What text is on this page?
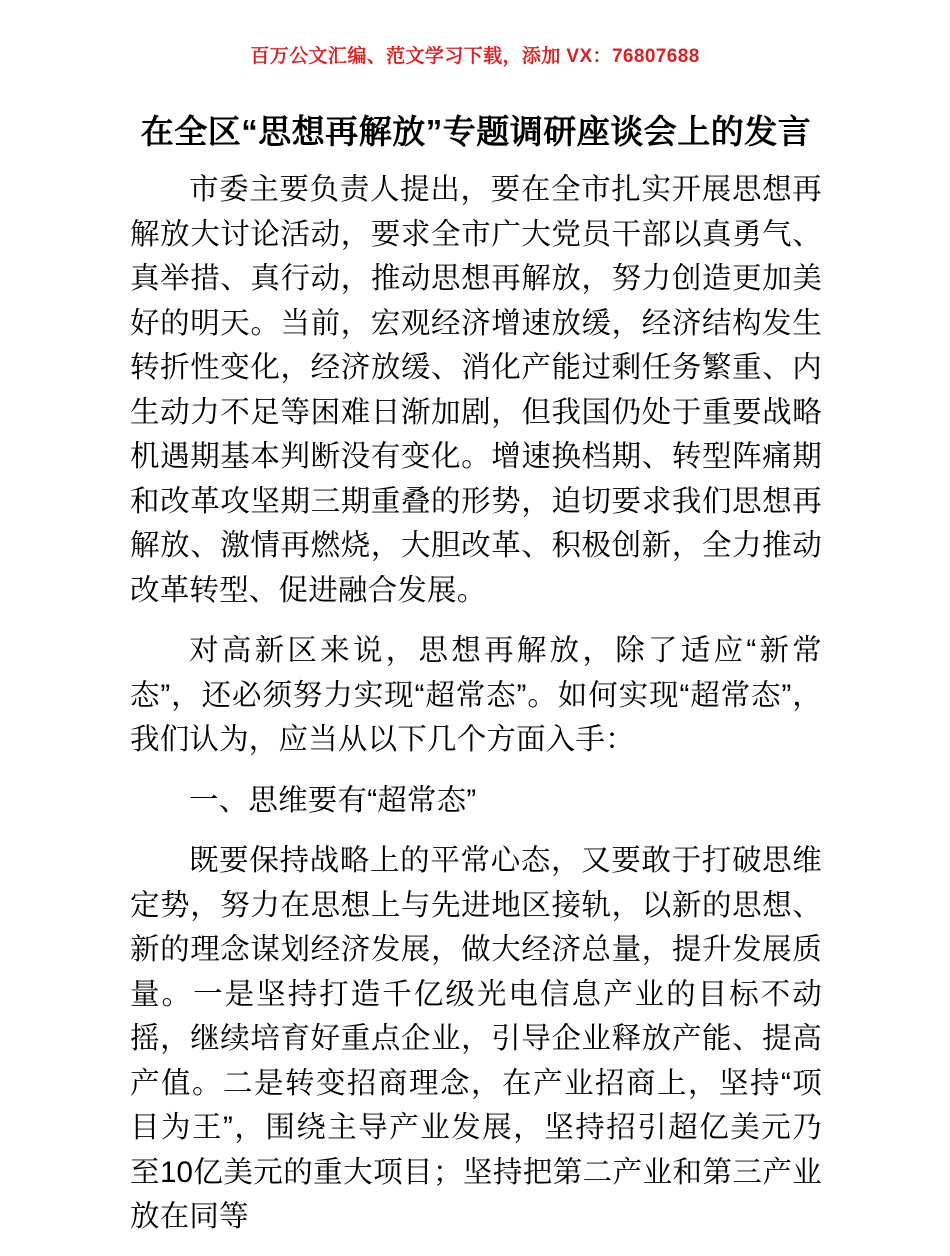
百万公文汇编、范文学习下载，添加 VX：76807688
在全区“思想再解放”专题调研座谈会上的发言

市委主要负责人提出，要在全市扎实开展思想再解放大讨论活动，要求全市广大党员干部以真勇气、真举措、真行动，推动思想再解放，努力创造更加美好的明天。当前，宏观经济增速放缓，经济结构发生转折性变化，经济放缓、消化产能过剩任务繁重、内生动力不足等困难日渐加剧，但我国仍处于重要战略机遇期基本判断没有变化。增速换档期、转型阵痛期和改革攻坚期三期重叠的形势，迫切要求我们思想再解放、激情再燃烧，大胆改革、积极创新，全力推动改革转型、促进融合发展。

对高新区来说，思想再解放，除了适应“新常态”，还必须努力实现“超常态”。如何实现“超常态”，我们认为，应当从以下几个方面入手：

一、思维要有“超常态”

既要保持战略上的平常心态，又要敢于打破思维定势，努力在思想上与先进地区接轨，以新的思想、新的理念谋划经济发展，做大经济总量，提升发展质量。一是坚持打造千亿级光电信息产业的目标不动摇，继续培育好重点企业，引导企业释放产能、提高产值。二是转变招商理念，在产业招商上，坚持“项目为王”，围绕主导产业发展，坚持招引超亿美元乃至10亿美元的重大项目；坚持把第二产业和第三产业放在同等
